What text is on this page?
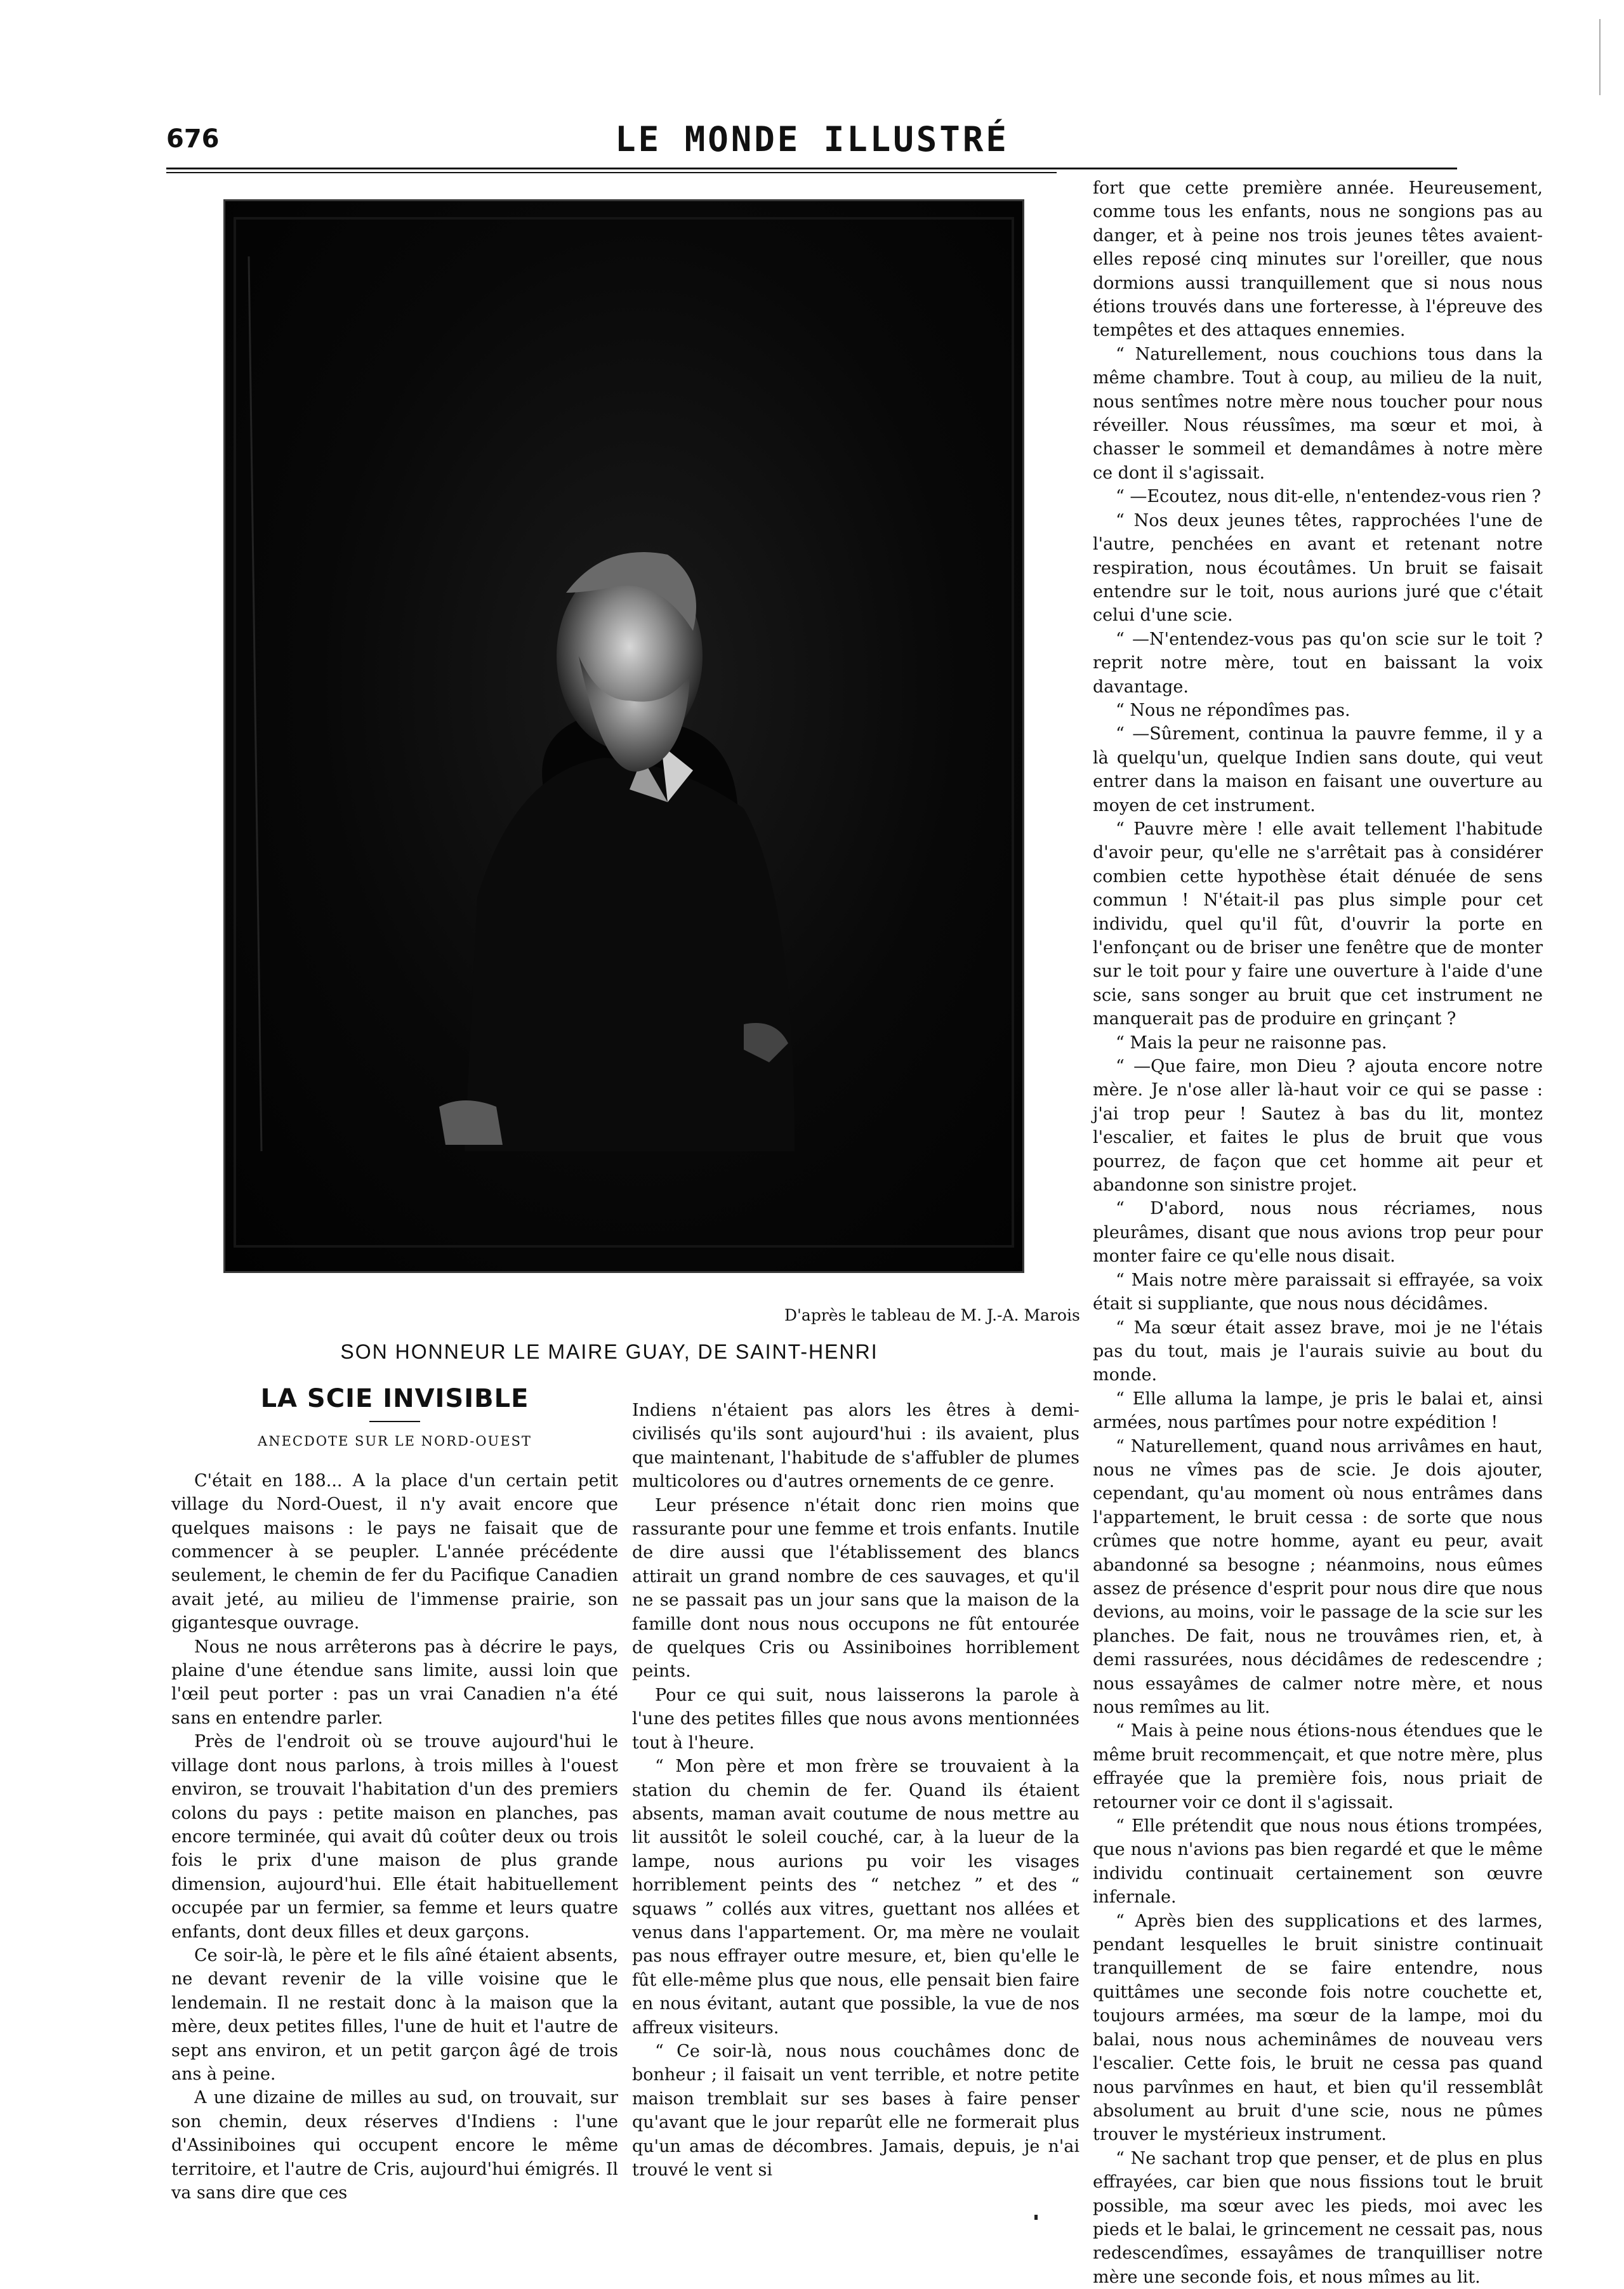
676	LE MONDE ILLUSTRÉ
D'après le tableau de M. J.-A. Marois
SON HONNEUR LE MAIRE GUAY, DE SAINT-HENRI
LA SCIE INVISIBLE
ANECDOTE SUR LE NORD-OUEST

C'était en 188... A la place d'un certain petit village du Nord-Ouest, il n'y avait encore que quelques maisons : le pays ne faisait que de commencer à se peupler. L'année précédente seulement, le chemin de fer du Pacifique Canadien avait jeté, au milieu de l'immense prairie, son gigantesque ouvrage.

Nous ne nous arrêterons pas à décrire le pays, plaine d'une étendue sans limite, aussi loin que l'œil peut porter : pas un vrai Canadien n'a été sans en entendre parler.

Près de l'endroit où se trouve aujourd'hui le village dont nous parlons, à trois milles à l'ouest environ, se trouvait l'habitation d'un des premiers colons du pays : petite maison en planches, pas encore terminée, qui avait dû coûter deux ou trois fois le prix d'une maison de plus grande dimension, aujourd'hui. Elle était habituellement occupée par un fermier, sa femme et leurs quatre enfants, dont deux filles et deux garçons.

Ce soir-là, le père et le fils aîné étaient absents, ne devant revenir de la ville voisine que le lendemain. Il ne restait donc à la maison que la mère, deux petites filles, l'une de huit et l'autre de sept ans environ, et un petit garçon âgé de trois ans à peine.

A une dizaine de milles au sud, on trouvait, sur son chemin, deux réserves d'Indiens : l'une d'Assiniboines qui occupent encore le même territoire, et l'autre de Cris, aujourd'hui émigrés. Il va sans dire que ces

Indiens n'étaient pas alors les êtres à demi-civilisés qu'ils sont aujourd'hui : ils avaient, plus que maintenant, l'habitude de s'affubler de plumes multicolores ou d'autres ornements de ce genre.

Leur présence n'était donc rien moins que rassurante pour une femme et trois enfants. Inutile de dire aussi que l'établissement des blancs attirait un grand nombre de ces sauvages, et qu'il ne se passait pas un jour sans que la maison de la famille dont nous nous occupons ne fût entourée de quelques Cris ou Assiniboines horriblement peints.

Pour ce qui suit, nous laisserons la parole à l'une des petites filles que nous avons mentionnées tout à l'heure.

“ Mon père et mon frère se trouvaient à la station du chemin de fer. Quand ils étaient absents, maman avait coutume de nous mettre au lit aussitôt le soleil couché, car, à la lueur de la lampe, nous aurions pu voir les visages horriblement peints des “ netchez ” et des “ squaws ” collés aux vitres, guettant nos allées et venus dans l'appartement. Or, ma mère ne voulait pas nous effrayer outre mesure, et, bien qu'elle le fût elle-même plus que nous, elle pensait bien faire en nous évitant, autant que possible, la vue de nos affreux visiteurs.

“ Ce soir-là, nous nous couchâmes donc de bonheur ; il faisait un vent terrible, et notre petite maison tremblait sur ses bases à faire penser qu'avant que le jour reparût elle ne formerait plus qu'un amas de décombres. Jamais, depuis, je n'ai trouvé le vent si

fort que cette première année. Heureusement, comme tous les enfants, nous ne songions pas au danger, et à peine nos trois jeunes têtes avaient-elles reposé cinq minutes sur l'oreiller, que nous dormions aussi tranquillement que si nous nous étions trouvés dans une forteresse, à l'épreuve des tempêtes et des attaques ennemies.

“ Naturellement, nous couchions tous dans la même chambre. Tout à coup, au milieu de la nuit, nous sentîmes notre mère nous toucher pour nous réveiller. Nous réussîmes, ma sœur et moi, à chasser le sommeil et demandâmes à notre mère ce dont il s'agissait.

“ —Ecoutez, nous dit-elle, n'entendez-vous rien ?

“ Nos deux jeunes têtes, rapprochées l'une de l'autre, penchées en avant et retenant notre respiration, nous écoutâmes. Un bruit se faisait entendre sur le toit, nous aurions juré que c'était celui d'une scie.

“ —N'entendez-vous pas qu'on scie sur le toit ? reprit notre mère, tout en baissant la voix davantage.

“ Nous ne répondîmes pas.

“ —Sûrement, continua la pauvre femme, il y a là quelqu'un, quelque Indien sans doute, qui veut entrer dans la maison en faisant une ouverture au moyen de cet instrument.

“ Pauvre mère ! elle avait tellement l'habitude d'avoir peur, qu'elle ne s'arrêtait pas à considérer combien cette hypothèse était dénuée de sens commun ! N'était-il pas plus simple pour cet individu, quel qu'il fût, d'ouvrir la porte en l'enfonçant ou de briser une fenêtre que de monter sur le toit pour y faire une ouverture à l'aide d'une scie, sans songer au bruit que cet instrument ne manquerait pas de produire en grinçant ?

“ Mais la peur ne raisonne pas.

“ —Que faire, mon Dieu ? ajouta encore notre mère. Je n'ose aller là-haut voir ce qui se passe : j'ai trop peur ! Sautez à bas du lit, montez l'escalier, et faites le plus de bruit que vous pourrez, de façon que cet homme ait peur et abandonne son sinistre projet.

“ D'abord, nous nous récriames, nous pleurâmes, disant que nous avions trop peur pour monter faire ce qu'elle nous disait.

“ Mais notre mère paraissait si effrayée, sa voix était si suppliante, que nous nous décidâmes.

“ Ma sœur était assez brave, moi je ne l'étais pas du tout, mais je l'aurais suivie au bout du monde.

“ Elle alluma la lampe, je pris le balai et, ainsi armées, nous partîmes pour notre expédition !

“ Naturellement, quand nous arrivâmes en haut, nous ne vîmes pas de scie. Je dois ajouter, cependant, qu'au moment où nous entrâmes dans l'appartement, le bruit cessa : de sorte que nous crûmes que notre homme, ayant eu peur, avait abandonné sa besogne ; néanmoins, nous eûmes assez de présence d'esprit pour nous dire que nous devions, au moins, voir le passage de la scie sur les planches. De fait, nous ne trouvâmes rien, et, à demi rassurées, nous décidâmes de redescendre ; nous essayâmes de calmer notre mère, et nous nous remîmes au lit.

“ Mais à peine nous étions-nous étendues que le même bruit recommençait, et que notre mère, plus effrayée que la première fois, nous priait de retourner voir ce dont il s'agissait.

“ Elle prétendit que nous nous étions trompées, que nous n'avions pas bien regardé et que le même individu continuait certainement son œuvre infernale.

“ Après bien des supplications et des larmes, pendant lesquelles le bruit sinistre continuait tranquillement de se faire entendre, nous quittâmes une seconde fois notre couchette et, toujours armées, ma sœur de la lampe, moi du balai, nous nous acheminâmes de nouveau vers l'escalier. Cette fois, le bruit ne cessa pas quand nous parvînmes en haut, et bien qu'il ressemblât absolument au bruit d'une scie, nous ne pûmes trouver le mystérieux instrument.

“ Ne sachant trop que penser, et de plus en plus effrayées, car bien que nous fissions tout le bruit possible, ma sœur avec les pieds, moi avec les pieds et le balai, le grincement ne cessait pas, nous redescendîmes, essayâmes de tranquilliser notre mère une seconde fois, et nous mîmes au lit.
